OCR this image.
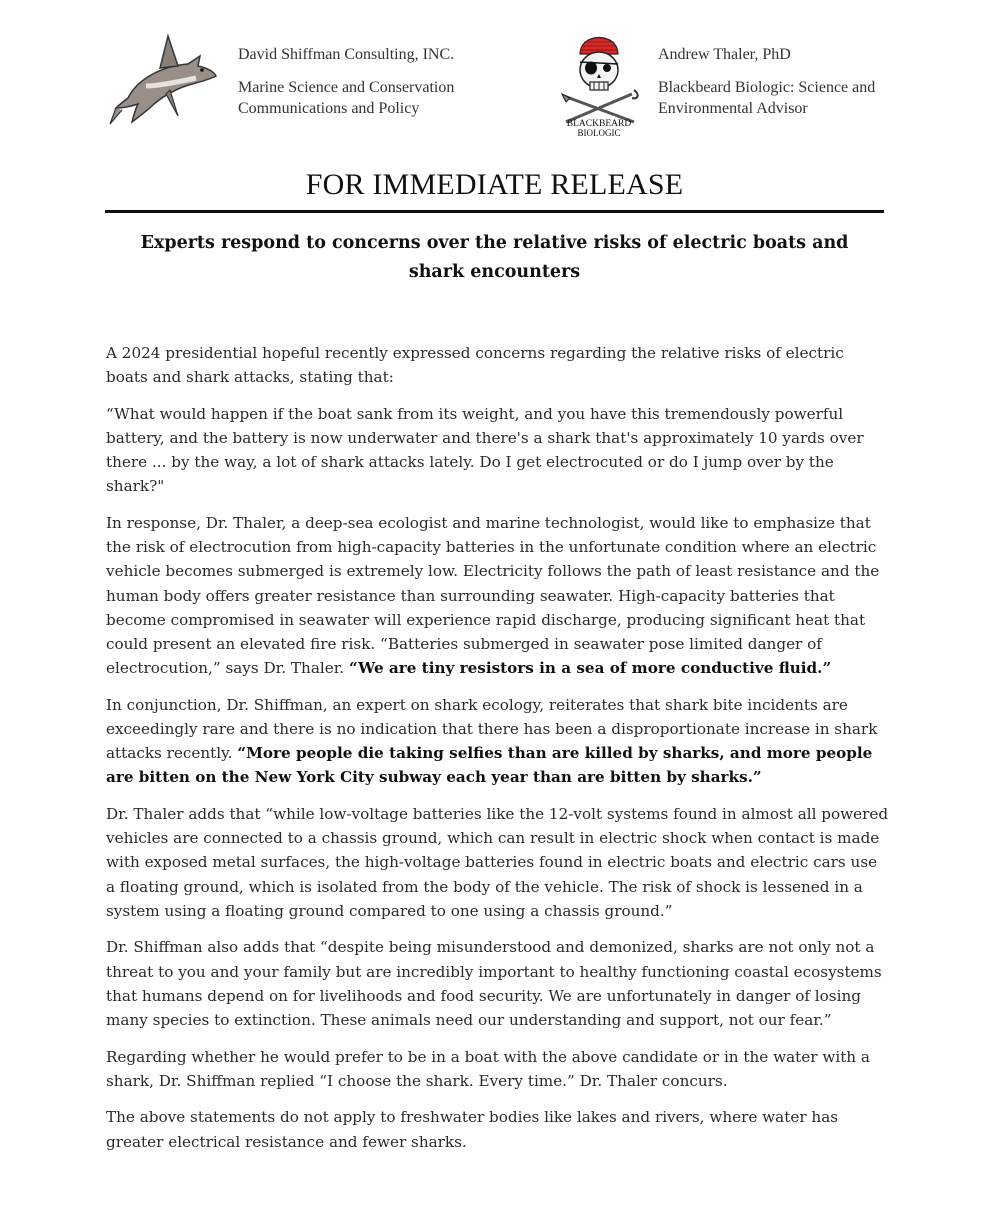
David Shiffman Consulting, INC.
Marine Science and Conservation
Communications and Policy
BLACKBEARD
BIOLOGIC
Andrew Thaler, PhD
Blackbeard Biologic: Science and
Environmental Advisor
FOR IMMEDIATE RELEASE
Experts respond to concerns over the relative risks of electric boats and shark encounters

A 2024 presidential hopeful recently expressed concerns regarding the relative risks of electric boats and shark attacks, stating that:

“What would happen if the boat sank from its weight, and you have this tremendously powerful battery, and the battery is now underwater and there's a shark that's approximately 10 yards over there ... by the way, a lot of shark attacks lately. Do I get electrocuted or do I jump over by the shark?"

In response, Dr. Thaler, a deep-sea ecologist and marine technologist, would like to emphasize that the risk of electrocution from high-capacity batteries in the unfortunate condition where an electric vehicle becomes submerged is extremely low. Electricity follows the path of least resistance and the human body offers greater resistance than surrounding seawater. High-capacity batteries that become compromised in seawater will experience rapid discharge, producing significant heat that could present an elevated fire risk. “Batteries submerged in seawater pose limited danger of electrocution,” says Dr. Thaler. “We are tiny resistors in a sea of more conductive fluid.”

In conjunction, Dr. Shiffman, an expert on shark ecology, reiterates that shark bite incidents are exceedingly rare and there is no indication that there has been a disproportionate increase in shark attacks recently. “More people die taking selfies than are killed by sharks, and more people are bitten on the New York City subway each year than are bitten by sharks.”

Dr. Thaler adds that “while low-voltage batteries like the 12-volt systems found in almost all powered vehicles are connected to a chassis ground, which can result in electric shock when contact is made with exposed metal surfaces, the high-voltage batteries found in electric boats and electric cars use a floating ground, which is isolated from the body of the vehicle. The risk of shock is lessened in a system using a floating ground compared to one using a chassis ground.”

Dr. Shiffman also adds that “despite being misunderstood and demonized, sharks are not only not a threat to you and your family but are incredibly important to healthy functioning coastal ecosystems that humans depend on for livelihoods and food security. We are unfortunately in danger of losing many species to extinction. These animals need our understanding and support, not our fear.”

Regarding whether he would prefer to be in a boat with the above candidate or in the water with a shark, Dr. Shiffman replied “I choose the shark. Every time.” Dr. Thaler concurs.

The above statements do not apply to freshwater bodies like lakes and rivers, where water has greater electrical resistance and fewer sharks.
